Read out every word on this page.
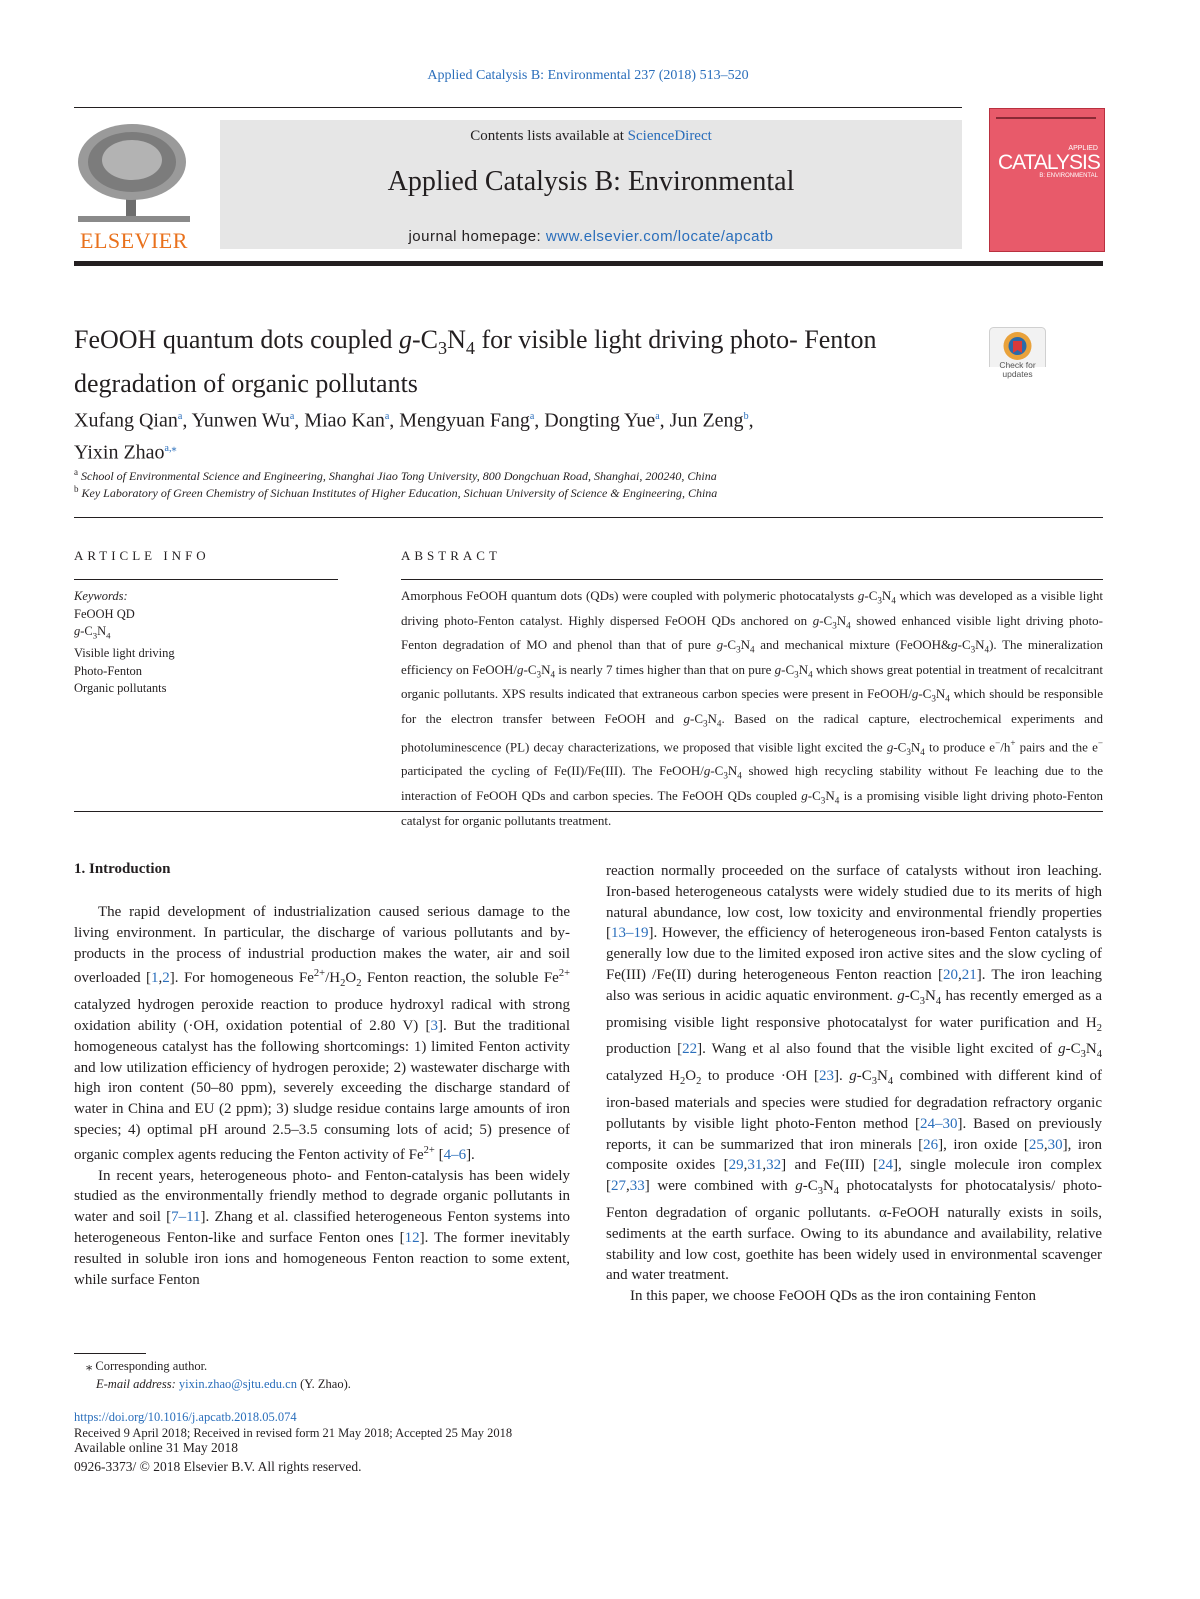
Applied Catalysis B: Environmental 237 (2018) 513–520
ELSEVIER
Contents lists available at ScienceDirect
Applied Catalysis B: Environmental
journal homepage: www.elsevier.com/locate/apcatb
APPLIED
CATALYSIS
B: ENVIRONMENTAL
FeOOH quantum dots coupled $g-C_3N_4$ for visible light driving photo- Fenton degradation of organic pollutants
Check for updates
Xufang Qian$^a$, Yunwen Wu$^a$, Miao Kan$^a$, Mengyuan Fang$^a$, Dongting Yue$^a$, Jun Zeng$^b$,
Yixin Zhao$^{a,⁎}$
$^a$ School of Environmental Science and Engineering, Shanghai Jiao Tong University, 800 Dongchuan Road, Shanghai, 200240, China
$^b$ Key Laboratory of Green Chemistry of Sichuan Institutes of Higher Education, Sichuan University of Science & Engineering, China
ARTICLE INFO
Keywords:
FeOOH QD
$g-C_3N_4$
Visible light driving
Photo-Fenton
Organic pollutants
ABSTRACT
Amorphous FeOOH quantum dots (QDs) were coupled with polymeric photocatalysts $g-C_3N_4$ which was developed as a visible light driving photo-Fenton catalyst. Highly dispersed FeOOH QDs anchored on $g-C_3N_4$ showed enhanced visible light driving photo-Fenton degradation of MO and phenol than that of pure $g-C_3N_4$ and mechanical mixture $(FeOOH\&g-C_3N_4)$. The mineralization efficiency on FeOOH/$g-C_3N_4$ is nearly 7 times higher than that on pure $g-C_3N_4$ which shows great potential in treatment of recalcitrant organic pollutants. XPS results indicated that extraneous carbon species were present in FeOOH/$g-C_3N_4$ which should be responsible for the electron transfer between FeOOH and $g-C_3N_4$. Based on the radical capture, electrochemical experiments and photoluminescence (PL) decay characterizations, we proposed that visible light excited the $g-C_3N_4$ to produce e−/h+ pairs and the e− participated the cycling of Fe(II)/Fe(III). The FeOOH/$g-C_3N_4$ showed high recycling stability without Fe leaching due to the interaction of FeOOH QDs and carbon species. The FeOOH QDs coupled $g-C_3N_4$ is a promising visible light driving photo-Fenton catalyst for organic pollutants treatment.
1. Introduction

The rapid development of industrialization caused serious damage to the living environment. In particular, the discharge of various pollutants and by-products in the process of industrial production makes the water, air and soil overloaded [1,2]. For homogeneous $Fe^{2+}/H_2O_2$ Fenton reaction, the soluble $Fe^{2+}$ catalyzed hydrogen peroxide reaction to produce hydroxyl radical with strong oxidation ability (·OH, oxidation potential of 2.80 V) [3]. But the traditional homogeneous catalyst has the following shortcomings: 1) limited Fenton activity and low utilization efficiency of hydrogen peroxide; 2) wastewater discharge with high iron content (50–80 ppm), severely exceeding the discharge standard of water in China and EU (2 ppm); 3) sludge residue contains large amounts of iron species; 4) optimal pH around 2.5–3.5 consuming lots of acid; 5) presence of organic complex agents reducing the Fenton activity of $Fe^{2+}$ [4–6].

In recent years, heterogeneous photo- and Fenton-catalysis has been widely studied as the environmentally friendly method to degrade organic pollutants in water and soil [7–11]. Zhang et al. classified heterogeneous Fenton systems into heterogeneous Fenton-like and surface Fenton ones [12]. The former inevitably resulted in soluble iron ions and homogeneous Fenton reaction to some extent, while surface Fenton

reaction normally proceeded on the surface of catalysts without iron leaching. Iron-based heterogeneous catalysts were widely studied due to its merits of high natural abundance, low cost, low toxicity and environmental friendly properties [13–19]. However, the efficiency of heterogeneous iron-based Fenton catalysts is generally low due to the limited exposed iron active sites and the slow cycling of Fe(III) /Fe(II) during heterogeneous Fenton reaction [20,21]. The iron leaching also was serious in acidic aquatic environment. $g-C_3N_4$ has recently emerged as a promising visible light responsive photocatalyst for water purification and $H_2$ production [22]. Wang et al also found that the visible light excited of $g-C_3N_4$ catalyzed $H_2O_2$ to produce ·OH [23]. $g-C_3N_4$ combined with different kind of iron-based materials and species were studied for degradation refractory organic pollutants by visible light photo-Fenton method [24–30]. Based on previously reports, it can be summarized that iron minerals [26], iron oxide [25,30], iron composite oxides [29,31,32] and Fe(III) [24], single molecule iron complex [27,33] were combined with $g-C_3N_4$ photocatalysts for photocatalysis/ photo-Fenton degradation of organic pollutants. α-FeOOH naturally exists in soils, sediments at the earth surface. Owing to its abundance and availability, relative stability and low cost, goethite has been widely used in environmental scavenger and water treatment.

In this paper, we choose FeOOH QDs as the iron containing Fenton

⁎ Corresponding author.
E-mail address: yixin.zhao@sjtu.edu.cn (Y. Zhao).
https://doi.org/10.1016/j.apcatb.2018.05.074
Received 9 April 2018; Received in revised form 21 May 2018; Accepted 25 May 2018
Available online 31 May 2018
0926-3373/ © 2018 Elsevier B.V. All rights reserved.
